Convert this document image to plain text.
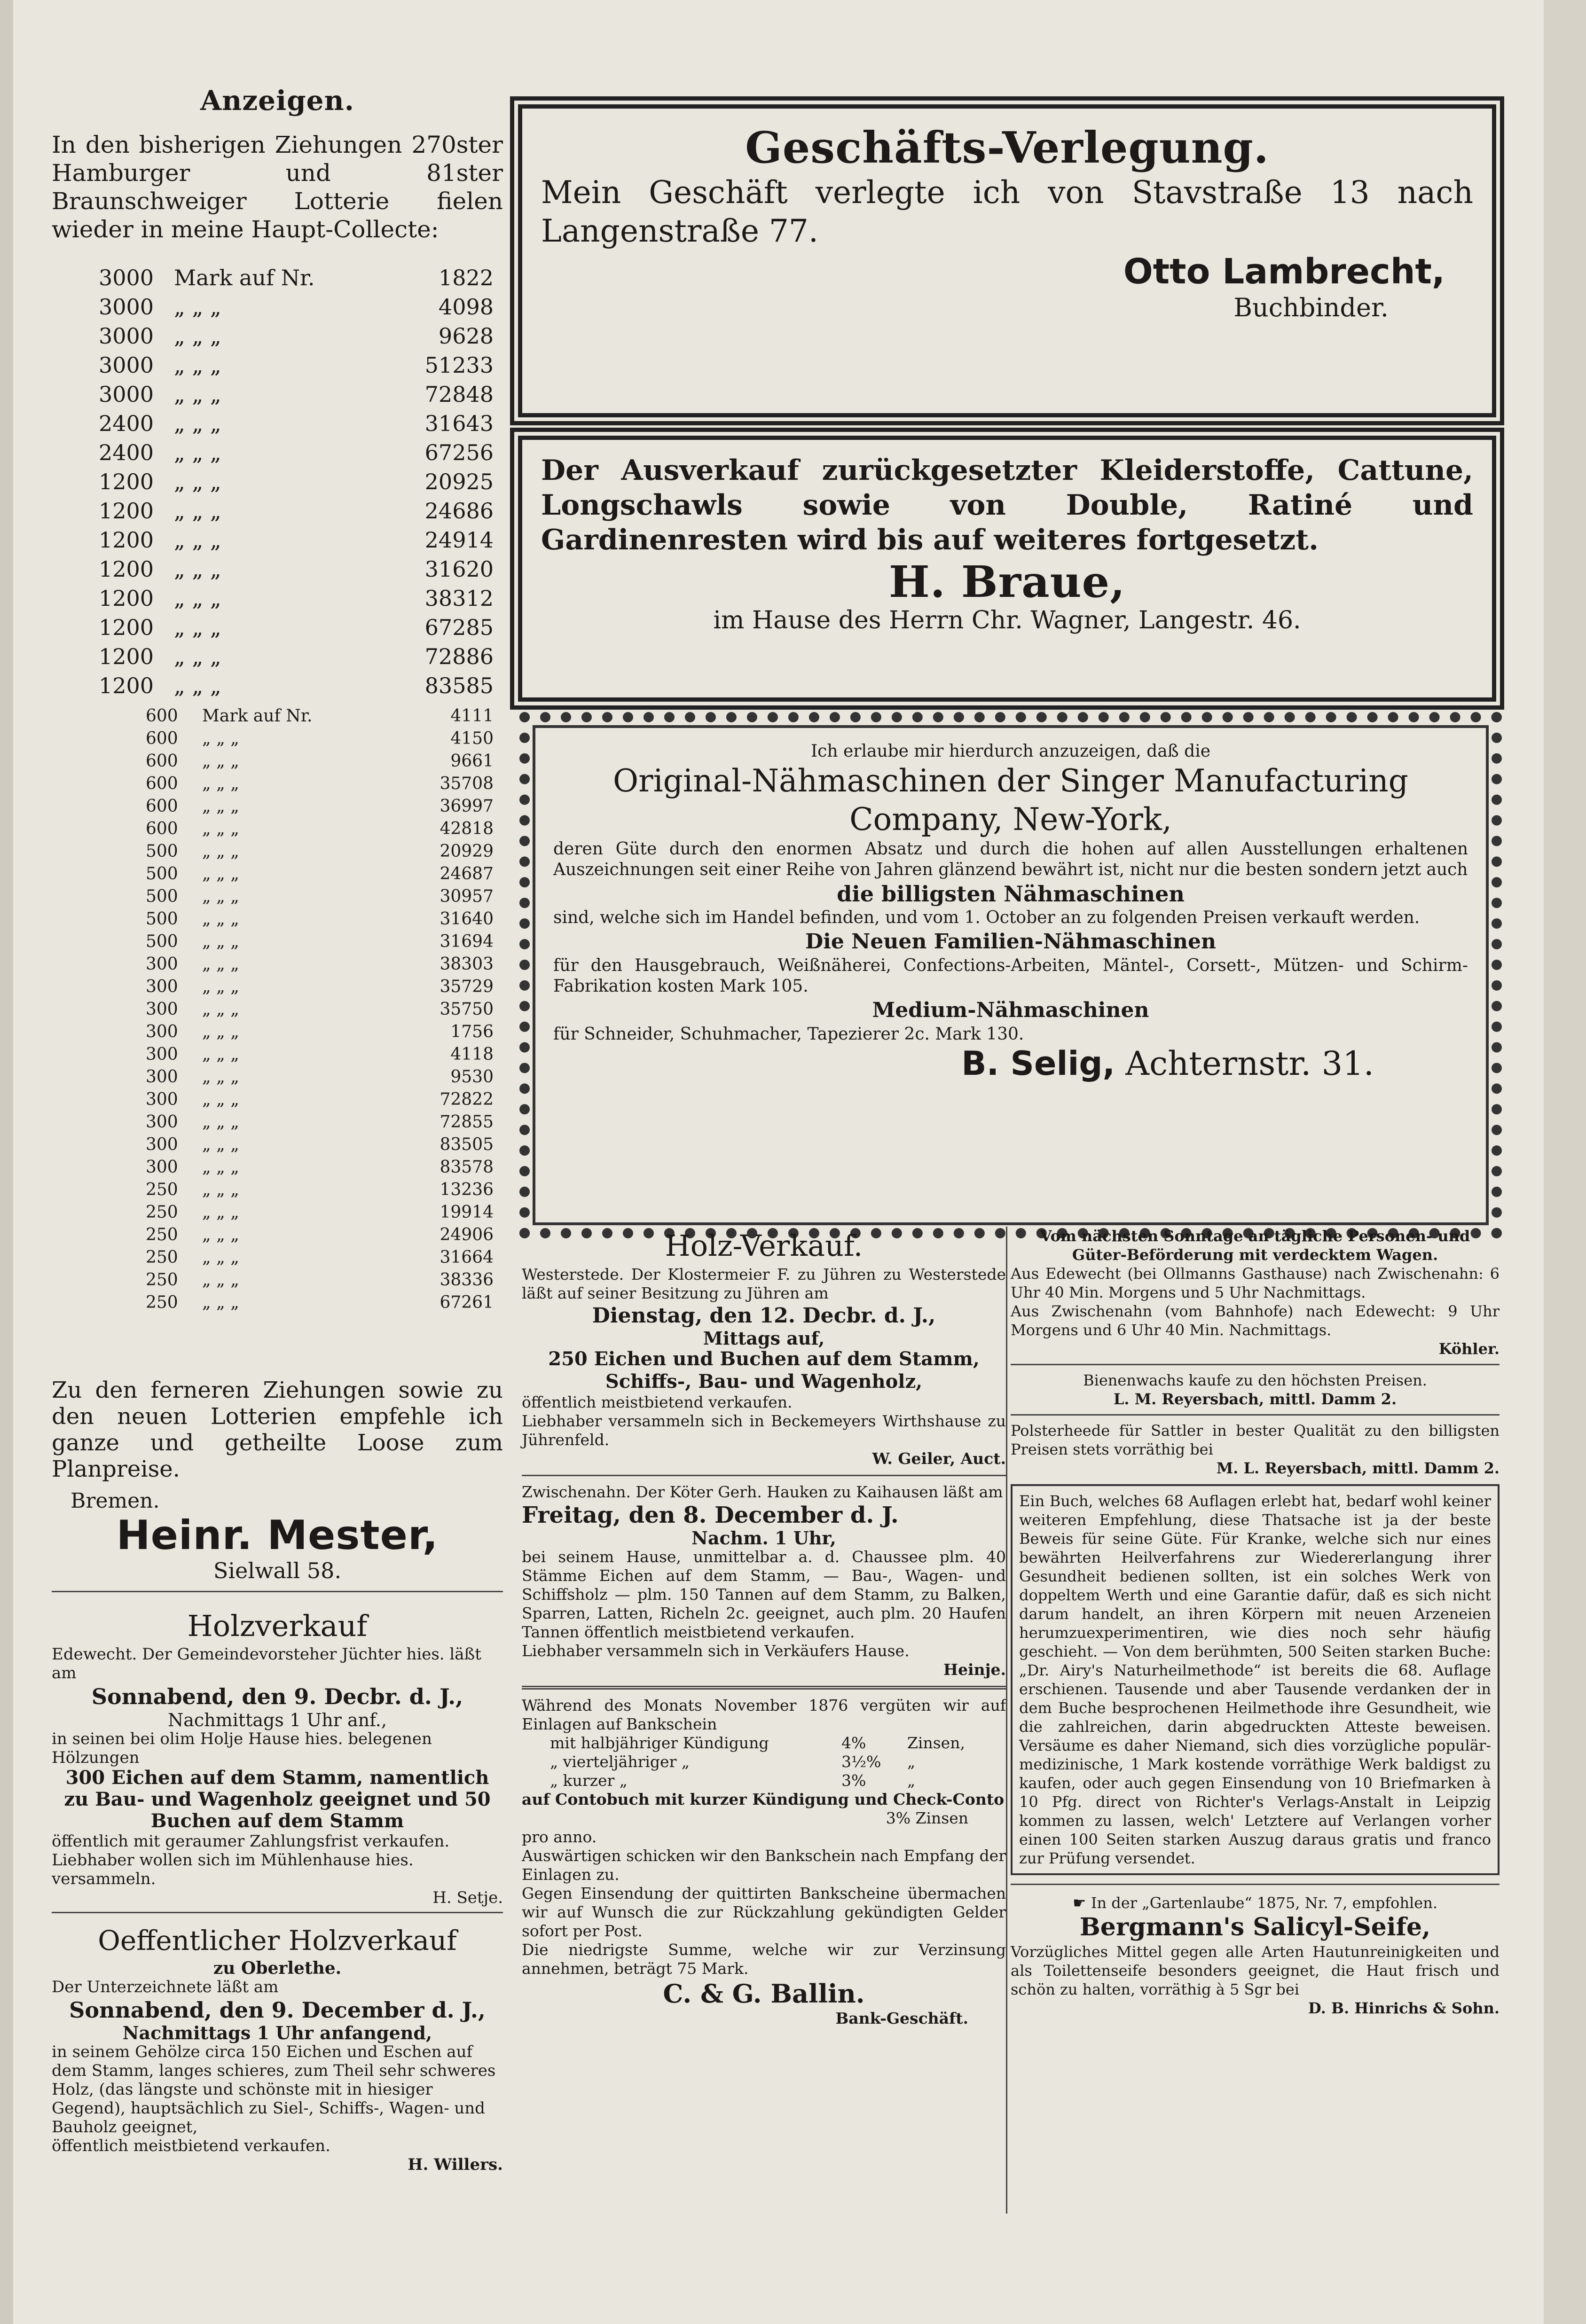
Anzeigen.

In den bisherigen Ziehungen 270ster Hamburger und 81ster Braunschweiger Lotterie fielen wieder in meine Haupt-Collecte:

3000 Mark auf Nr.	1822
3000 „ „ „	4098
3000 „ „ „	9628
3000 „ „ „	51233
3000 „ „ „	72848
2400 „ „ „	31643
2400 „ „ „	67256
1200 „ „ „	20925
1200 „ „ „	24686
1200 „ „ „	24914
1200 „ „ „	31620
1200 „ „ „	38312
1200 „ „ „	67285
1200 „ „ „	72886
1200 „ „ „	83585
600	Mark auf Nr.	4111
600	„ „ „	4150
600	„ „ „	9661
600	„ „ „	35708
600	„ „ „	36997
600	„ „ „	42818
500	„ „ „	20929
500	„ „ „	24687
500	„ „ „	30957
500	„ „ „	31640
500	„ „ „	31694
300	„ „ „	38303
300	„ „ „	35729
300	„ „ „	35750
300	„ „ „	1756
300	„ „ „	4118
300	„ „ „	9530
300	„ „ „	72822
300	„ „ „	72855
300	„ „ „	83505
300	„ „ „	83578
250	„ „ „	13236
250	„ „ „	19914
250	„ „ „	24906
250	„ „ „	31664
250	„ „ „	38336
250	„ „ „	67261

Zu den ferneren Ziehungen sowie zu den neuen Lotterien empfehle ich ganze und getheilte Loose zum Planpreise.

Bremen.

Heinr. Mester,

Sielwall 58.

Holzverkauf

Edewecht. Der Gemeindevorsteher Jüchter hies. läßt am

Sonnabend, den 9. Decbr. d. J.,

Nachmittags 1 Uhr anf.,

in seinen bei olim Holje Hause hies. belegenen Hölzungen

300 Eichen auf dem Stamm, namentlich zu Bau- und Wagenholz geeignet und 50 Buchen auf dem Stamm

öffentlich mit geraumer Zahlungsfrist verkaufen.

Liebhaber wollen sich im Mühlenhause hies. versammeln.

H. Setje.

Oeffentlicher Holzverkauf

zu Oberlethe.

Der Unterzeichnete läßt am

Sonnabend, den 9. December d. J.,

Nachmittags 1 Uhr anfangend,

in seinem Gehölze circa 150 Eichen und Eschen auf dem Stamm, langes schieres, zum Theil sehr schweres Holz, (das längste und schönste mit in hiesiger Gegend), hauptsächlich zu Siel-, Schiffs-, Wagen- und Bauholz geeignet,

öffentlich meistbietend verkaufen.

H. Willers.

Geschäfts-Verlegung.

Mein Geschäft verlegte ich von Stavstraße 13 nach Langenstraße 77.

Otto Lambrecht,

Buchbinder.

Der Ausverkauf zurückgesetzter Kleiderstoffe, Cattune, Longschawls sowie von Double, Ratiné und Gardinenresten wird bis auf weiteres fortgesetzt.

H. Braue,

im Hause des Herrn Chr. Wagner, Langestr. 46.

Ich erlaube mir hierdurch anzuzeigen, daß die

Original-Nähmaschinen der Singer Manufacturing Company, New-York,

deren Güte durch den enormen Absatz und durch die hohen auf allen Ausstellungen erhaltenen Auszeichnungen seit einer Reihe von Jahren glänzend bewährt ist, nicht nur die besten sondern jetzt auch

die billigsten Nähmaschinen

sind, welche sich im Handel befinden, und vom 1. October an zu folgenden Preisen verkauft werden.

Die Neuen Familien-Nähmaschinen

für den Hausgebrauch, Weißnäherei, Confections-Arbeiten, Mäntel-, Corsett-, Mützen- und Schirm-Fabrikation kosten Mark 105.

Medium-Nähmaschinen

für Schneider, Schuhmacher, Tapezierer 2c. Mark 130.

B. Selig, Achternstr. 31.

Holz-Verkauf.

Westerstede. Der Klostermeier F. zu Jühren zu Westerstede läßt auf seiner Besitzung zu Jühren am

Dienstag, den 12. Decbr. d. J.,

Mittags auf,

250 Eichen und Buchen auf dem Stamm, Schiffs-, Bau- und Wagenholz,

öffentlich meistbietend verkaufen.

Liebhaber versammeln sich in Beckemeyers Wirthshause zu Jührenfeld.

W. Geiler, Auct.

Zwischenahn. Der Köter Gerh. Hauken zu Kaihausen läßt am

Freitag, den 8. December d. J.

Nachm. 1 Uhr,

bei seinem Hause, unmittelbar a. d. Chaussee plm. 40 Stämme Eichen auf dem Stamm, — Bau-, Wagen- und Schiffsholz — plm. 150 Tannen auf dem Stamm, zu Balken, Sparren, Latten, Richeln 2c. geeignet, auch plm. 20 Haufen Tannen öffentlich meistbietend verkaufen.

Liebhaber versammeln sich in Verkäufers Hause.

Heinje.

Während des Monats November 1876 vergüten wir auf Einlagen auf Bankschein

mit halbjähriger Kündigung	4%	Zinsen,
„ vierteljähriger „	3½% „
„ kurzer „	3%	„

auf Contobuch mit kurzer Kündigung und Check-Conto

3% Zinsen

pro anno.

Auswärtigen schicken wir den Bankschein nach Empfang der Einlagen zu.

Gegen Einsendung der quittirten Bankscheine übermachen wir auf Wunsch die zur Rückzahlung gekündigten Gelder sofort per Post.

Die niedrigste Summe, welche wir zur Verzinsung annehmen, beträgt 75 Mark.

C. & G. Ballin.

Bank-Geschäft.

Vom nächsten Sonntage an tägliche Personen- und Güter-Beförderung mit verdecktem Wagen.

Aus Edewecht (bei Ollmanns Gasthause) nach Zwischenahn: 6 Uhr 40 Min. Morgens und 5 Uhr Nachmittags.

Aus Zwischenahn (vom Bahnhofe) nach Edewecht: 9 Uhr Morgens und 6 Uhr 40 Min. Nachmittags.

Köhler.

Bienenwachs kaufe zu den höchsten Preisen.

L. M. Reyersbach, mittl. Damm 2.

Polsterheede für Sattler in bester Qualität zu den billigsten Preisen stets vorräthig bei

M. L. Reyersbach, mittl. Damm 2.

Ein Buch, welches 68 Auflagen erlebt hat, bedarf wohl keiner weiteren Empfehlung, diese Thatsache ist ja der beste Beweis für seine Güte. Für Kranke, welche sich nur eines bewährten Heilverfahrens zur Wiedererlangung ihrer Gesundheit bedienen sollten, ist ein solches Werk von doppeltem Werth und eine Garantie dafür, daß es sich nicht darum handelt, an ihren Körpern mit neuen Arzeneien herumzuexperimentiren, wie dies noch sehr häufig geschieht. — Von dem berühmten, 500 Seiten starken Buche: „Dr. Airy's Naturheilmethode“ ist bereits die 68. Auflage erschienen. Tausende und aber Tausende verdanken der in dem Buche besprochenen Heilmethode ihre Gesundheit, wie die zahlreichen, darin abgedruckten Atteste beweisen. Versäume es daher Niemand, sich dies vorzügliche populär-medizinische, 1 Mark kostende vorräthige Werk baldigst zu kaufen, oder auch gegen Einsendung von 10 Briefmarken à 10 Pfg. direct von Richter's Verlags-Anstalt in Leipzig kommen zu lassen, welch' Letztere auf Verlangen vorher einen 100 Seiten starken Auszug daraus gratis und franco zur Prüfung versendet.

☛ In der „Gartenlaube“ 1875, Nr. 7, empfohlen.

Bergmann's Salicyl-Seife,

Vorzügliches Mittel gegen alle Arten Hautunreinigkeiten und als Toilettenseife besonders geeignet, die Haut frisch und schön zu halten, vorräthig à 5 Sgr bei

D. B. Hinrichs & Sohn.
